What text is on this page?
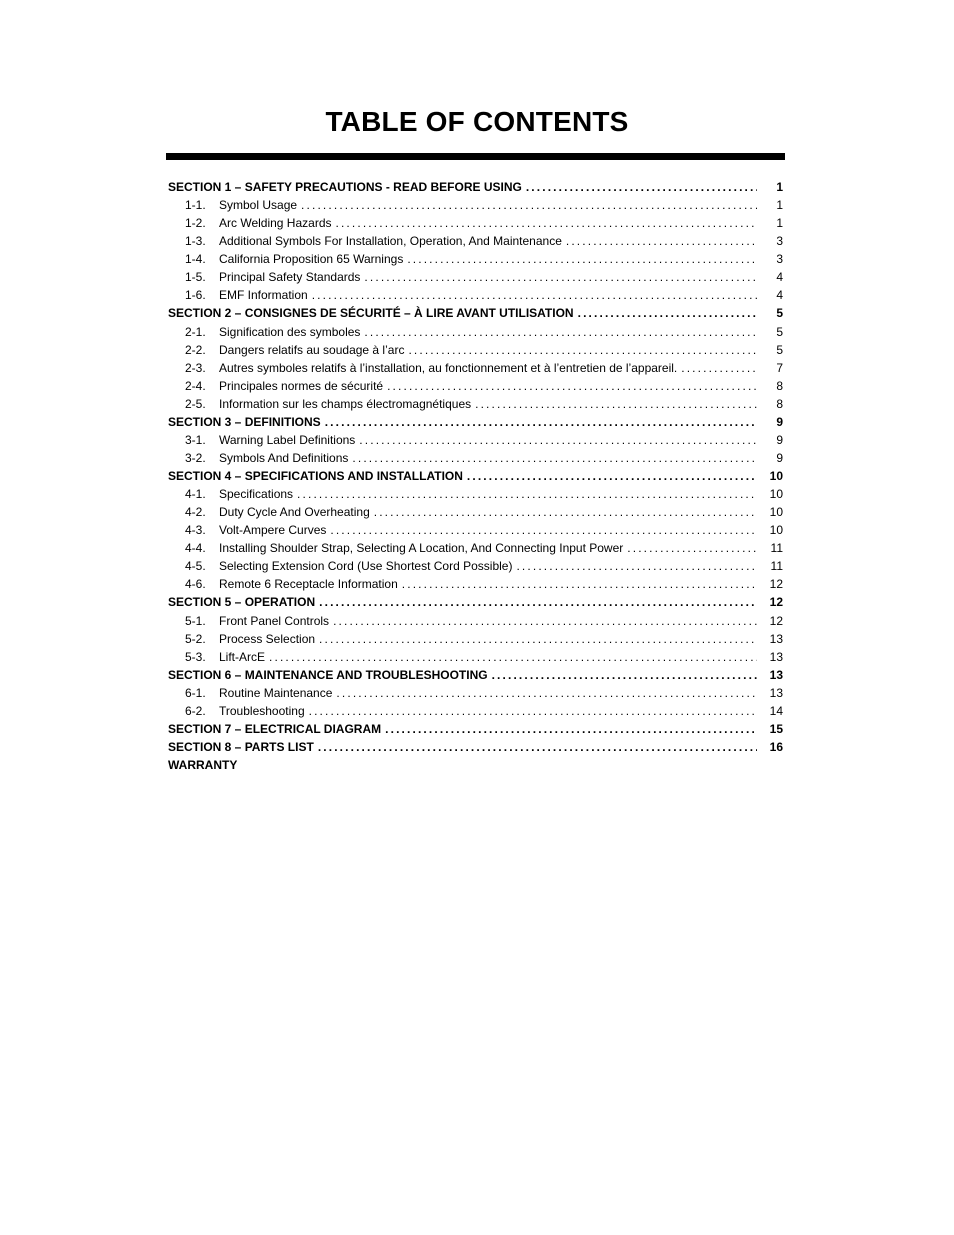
TABLE OF CONTENTS
SECTION 1 – SAFETY PRECAUTIONS - READ BEFORE USING . . .	1
1-1.	Symbol Usage . . .	1
1-2.	Arc Welding Hazards . . .	1
1-3.	Additional Symbols For Installation, Operation, And Maintenance . . .	3
1-4.	California Proposition 65 Warnings . . .	3
1-5.	Principal Safety Standards . . .	4
1-6.	EMF Information . . .	4
SECTION 2 – CONSIGNES DE SÉCURITÉ – À LIRE AVANT UTILISATION . . .	5
2-1.	Signification des symboles . . .	5
2-2.	Dangers relatifs au soudage à l’arc . . .	5
2-3.	Autres symboles relatifs à l’installation, au fonctionnement et à l’entretien de l’appareil. . . .	7
2-4.	Principales normes de sécurité . . .	8
2-5.	Information sur les champs électromagnétiques . . .	8
SECTION 3 – DEFINITIONS . . .	9
3-1.	Warning Label Definitions . . .	9
3-2.	Symbols And Definitions . . .	9
SECTION 4 – SPECIFICATIONS AND INSTALLATION . . .	10
4-1.	Specifications . . .	10
4-2.	Duty Cycle And Overheating . . .	10
4-3.	Volt-Ampere Curves . . .	10
4-4.	Installing Shoulder Strap, Selecting A Location, And Connecting Input Power . . .	11
4-5.	Selecting Extension Cord (Use Shortest Cord Possible) . . .	11
4-6.	Remote 6 Receptacle Information . . .	12
SECTION 5 – OPERATION . . .	12
5-1.	Front Panel Controls . . .	12
5-2.	Process Selection . . .	13
5-3.	Lift-ArcE . . .	13
SECTION 6 – MAINTENANCE AND TROUBLESHOOTING . . .	13
6-1.	Routine Maintenance . . .	13
6-2.	Troubleshooting . . .	14
SECTION 7 – ELECTRICAL DIAGRAM . . .	15
SECTION 8 – PARTS LIST . . .	16
WARRANTY
